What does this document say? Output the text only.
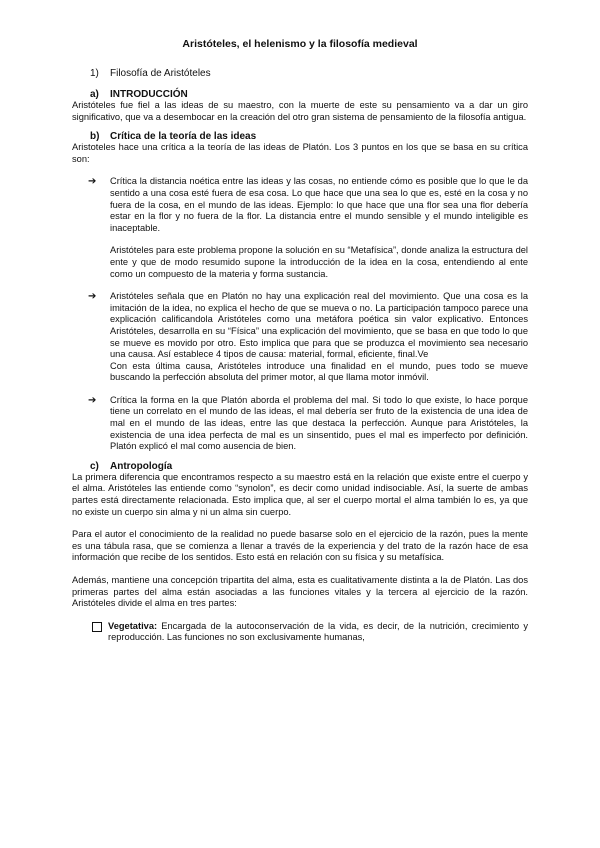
Aristóteles, el helenismo y la filosofía medieval
1) Filosofía de Aristóteles
a) INTRODUCCIÓN

Aristóteles fue fiel a las ideas de su maestro, con la muerte de este su pensamiento va a dar un giro significativo, que va a desembocar en la creación del otro gran sistema de pensamiento de la filosofía antigua.

b) Crítica de la teoría de las ideas

Aristoteles hace una crítica a la teoría de las ideas de Platón. Los 3 puntos en los que se basa en su crítica son:

➔ Crítica la distancia noética entre las ideas y las cosas, no entiende cómo es posible que lo que le da sentido a una cosa esté fuera de esa cosa. Lo que hace que una sea lo que es, esté en la cosa y no fuera de la cosa, en el mundo de las ideas. Ejemplo: lo que hace que una flor sea una flor debería estar en la flor y no fuera de la flor. La distancia entre el mundo sensible y el mundo inteligible es inaceptable.

Aristóteles para este problema propone la solución en su “Metafísica”, donde analiza la estructura del ente y que de modo resumido supone la introducción de la idea en la cosa, entendiendo al ente como un compuesto de la materia y forma sustancia.

➔ Aristóteles señala que en Platón no hay una explicación real del movimiento. Que una cosa es la imitación de la idea, no explica el hecho de que se mueva o no. La participación tampoco parece una explicación calificandola Aristóteles como una metáfora poética sin valor explicativo. Entonces Aristóteles, desarrolla en su “Física” una explicación del movimiento, que se basa en que todo lo que se mueve es movido por otro. Esto implica que para que se produzca el movimiento sea necesario una causa. Así establece 4 tipos de causa: material, formal, eficiente, final.Ve

Con esta última causa, Aristóteles introduce una finalidad en el mundo, pues todo se mueve buscando la perfección absoluta del primer motor, al que llama motor inmóvil.

➔ Crítica la forma en la que Platón aborda el problema del mal. Si todo lo que existe, lo hace porque tiene un correlato en el mundo de las ideas, el mal debería ser fruto de la existencia de una idea de mal en el mundo de las ideas, entre las que destaca la perfección. Aunque para Aristóteles, la existencia de una idea perfecta de mal es un sinsentido, pues el mal es imperfecto por definición. Platón explicó el mal como ausencia de bien.

c) Antropología

La primera diferencia que encontramos respecto a su maestro está en la relación que existe entre el cuerpo y el alma. Aristóteles las entiende como “synolon”, es decir como unidad indisociable. Así, la suerte de ambas partes está directamente relacionada. Esto implica que, al ser el cuerpo mortal el alma también lo es, ya que no existe un cuerpo sin alma y ni un alma sin cuerpo.

Para el autor el conocimiento de la realidad no puede basarse solo en el ejercicio de la razón, pues la mente es una tábula rasa, que se comienza a llenar a través de la experiencia y del trato de la razón hace de esa información que recibe de los sentidos. Esto está en relación con su física y su metafísica.

Además, mantiene una concepción tripartita del alma, esta es cualitativamente distinta a la de Platón. Las dos primeras partes del alma están asociadas a las funciones vitales y la tercera al ejercicio de la razón. Aristóteles divide el alma en tres partes:

Vegetativa: Encargada de la autoconservación de la vida, es decir, de la nutrición, crecimiento y reproducción. Las funciones no son exclusivamente humanas,
